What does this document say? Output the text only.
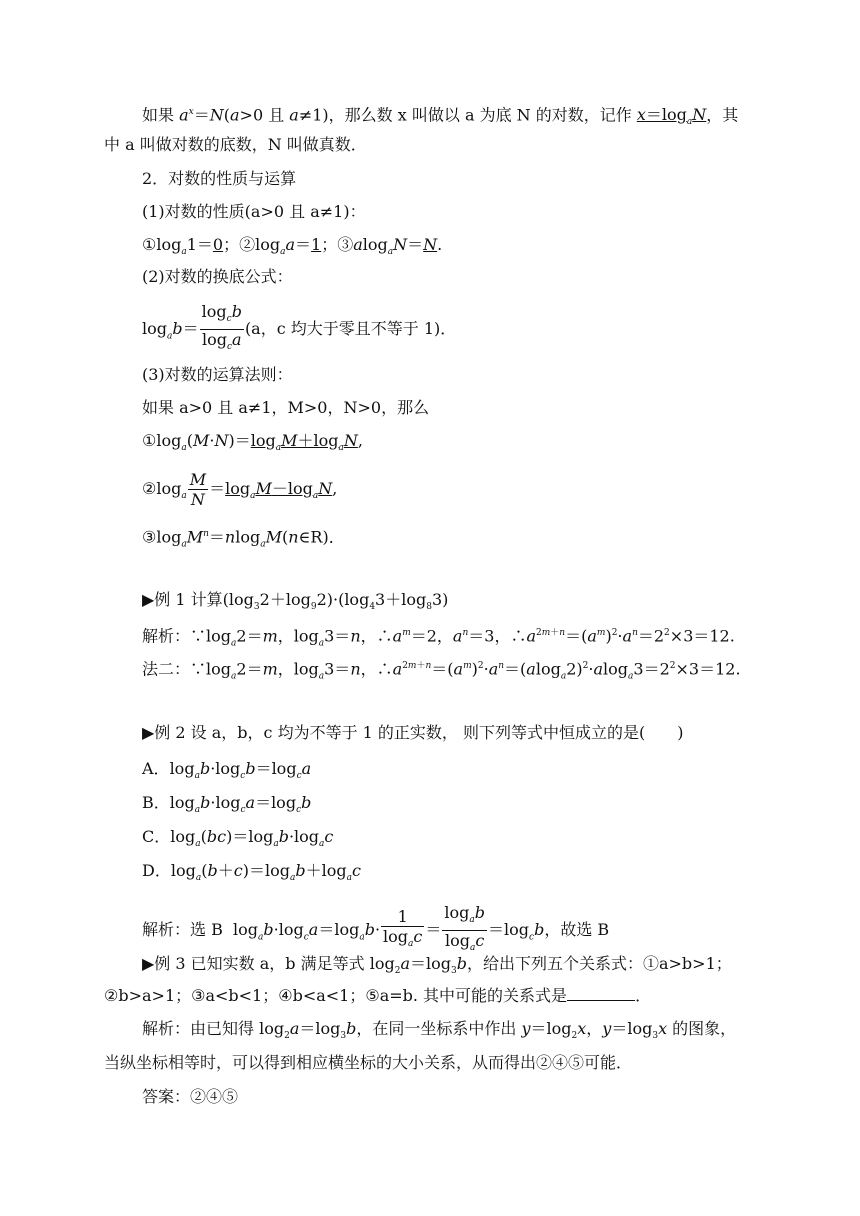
如果 $a^x=N(a>0$ 且 a≠1)，那么数 x 叫做以 a 为底 N 的对数，记作 $x=\log_aN$，其
中 a 叫做对数的底数，N 叫做真数．
2．对数的性质与运算
(1)对数的性质(a>0 且 a≠1)：
$①\log_a1=0$；$②\log_aa=1$；③alog$_a$N＝N.
(2)对数的换底公式：
$\log_ab= \frac{\log_cb}{\log_ca} (a$，c 均大于零且不等于 1)．
(3)对数的运算法则：
如果 a>0 且 a≠1，M>0，N>0，那么
$①\log_a(M\cdot N)=\log_aM+\log_aN$,
$②\log_a \frac{M}{N} =\log_aM-\log_aN$,
$③\log_aM^n=nlog_aM(n\in R)$．
▶例 1 计算$(\log_32+\log_92)\cdot(\log_43+\log_83)$
解析：$\because\log_a2=m$，$\log_a3=n$，$\therefore a^m=2$，$a^n=3$，$\therefore a^{2m+n}=(a^m)^2\cdot a^n=2^2\times 3=12$.
法二：$\because\log_a2=m$，$\log_a3=n$，$\therefore a^{2m+n}=(a^m)^2\cdot a^n=(alog_a2)^2\cdot alog_a3=2^2\times 3=12$.
▶例 2 设 a，b，c 均为不等于 1 的正实数， 则下列等式中恒成立的是(　　)
A．$\log_ab\cdot\log_cb=\log_ca$
B．$\log_ab\cdot\log_ca=\log_cb$
C．$\log_a(bc)=\log_ab\cdot\log_ac$
D．$\log_a(b+c)=\log_ab+\log_ac$
解析：选 B  $\log_ab\cdot\log_ca=\log_ab\cdot \frac{1}{\log_ac} = \frac{\log_ab}{\log_ac} =\log_cb$，故选 B
▶例 3 已知实数 a，b 满足等式 $\log_2a=\log_3b$，给出下列五个关系式：①a>b>1；
②b>a>1；③a<b<1；④b<a<1；⑤a=b. 其中可能的关系式是	．
解析：由已知得 $\log_2a=\log_3b$，在同一坐标系中作出 $y=\log_2x$，$y=\log_3x$ 的图象，
当纵坐标相等时，可以得到相应横坐标的大小关系，从而得出②④⑤可能．
答案：②④⑤
